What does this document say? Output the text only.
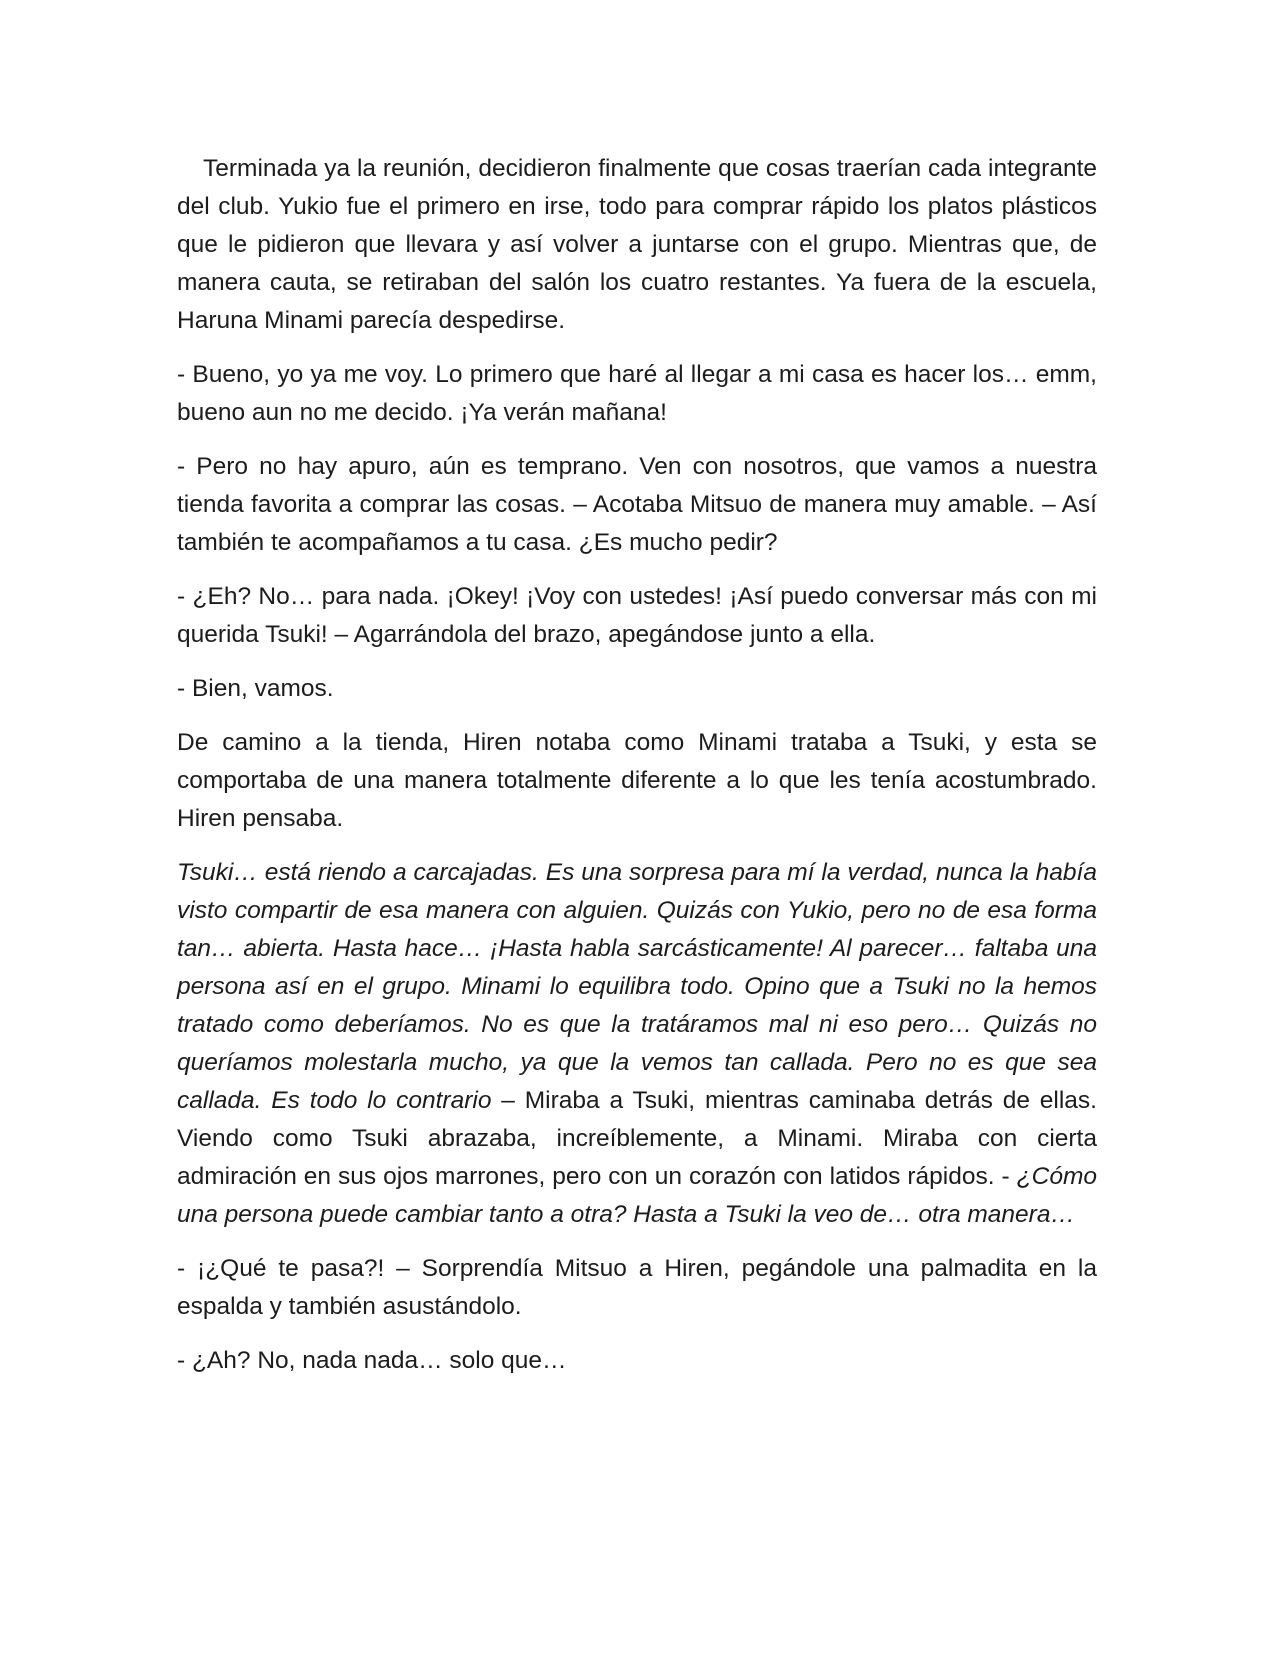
Terminada ya la reunión, decidieron finalmente que cosas traerían cada integrante del club. Yukio fue el primero en irse, todo para comprar rápido los platos plásticos que le pidieron que llevara y así volver a juntarse con el grupo. Mientras que, de manera cauta, se retiraban del salón los cuatro restantes. Ya fuera de la escuela, Haruna Minami parecía despedirse.

- Bueno, yo ya me voy. Lo primero que haré al llegar a mi casa es hacer los… emm, bueno aun no me decido. ¡Ya verán mañana!

- Pero no hay apuro, aún es temprano. Ven con nosotros, que vamos a nuestra tienda favorita a comprar las cosas. – Acotaba Mitsuo de manera muy amable. – Así también te acompañamos a tu casa. ¿Es mucho pedir?

- ¿Eh? No… para nada. ¡Okey! ¡Voy con ustedes! ¡Así puedo conversar más con mi querida Tsuki! – Agarrándola del brazo, apegándose junto a ella.

- Bien, vamos.

De camino a la tienda, Hiren notaba como Minami trataba a Tsuki, y esta se comportaba de una manera totalmente diferente a lo que les tenía acostumbrado. Hiren pensaba.

Tsuki… está riendo a carcajadas. Es una sorpresa para mí la verdad, nunca la había visto compartir de esa manera con alguien. Quizás con Yukio, pero no de esa forma tan… abierta. Hasta hace… ¡Hasta habla sarcásticamente! Al parecer… faltaba una persona así en el grupo. Minami lo equilibra todo. Opino que a Tsuki no la hemos tratado como deberíamos. No es que la tratáramos mal ni eso pero… Quizás no queríamos molestarla mucho, ya que la vemos tan callada. Pero no es que sea callada. Es todo lo contrario – Miraba a Tsuki, mientras caminaba detrás de ellas. Viendo como Tsuki abrazaba, increíblemente, a Minami. Miraba con cierta admiración en sus ojos marrones, pero con un corazón con latidos rápidos. - ¿Cómo una persona puede cambiar tanto a otra? Hasta a Tsuki la veo de… otra manera…

- ¡¿Qué te pasa?! – Sorprendía Mitsuo a Hiren, pegándole una palmadita en la espalda y también asustándolo.

- ¿Ah? No, nada nada… solo que…
